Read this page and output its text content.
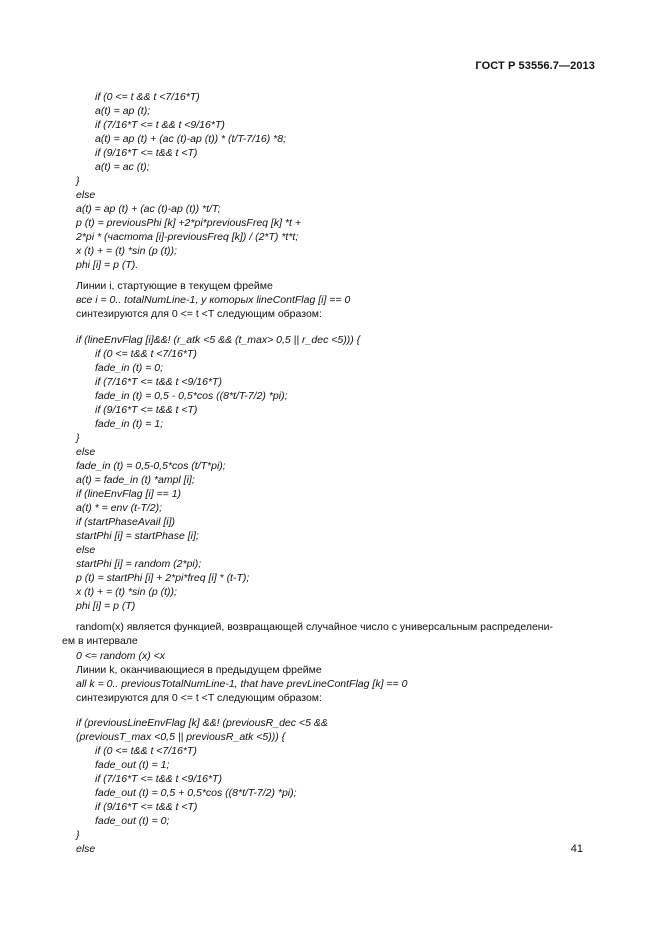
ГОСТ Р 53556.7—2013
if (0 <= t && t <7/16*T)
a(t) = ap (t);
if (7/16*T <= t && t <9/16*T)
a(t) = ap (t) + (ac (t)-ap (t)) * (t/T-7/16) *8;
if (9/16*T <= t&& t <T)
a(t) = ac (t);
}
else
a(t) = ap (t) + (ac (t)-ap (t)) *t/T;
p (t) = previousPhi [k] +2*pi*previousFreq [k] *t +
2*pi * (частота [i]-previousFreq [k]) / (2*T) *t*t;
x (t) + = (t) *sin (p (t));
phi [i] = p (T).
Линии i, стартующие в текущем фрейме
все i = 0.. totalNumLine-1, у которых lineContFlag [i] == 0
синтезируются для 0 <= t <T следующим образом:
if (lineEnvFlag [i]&&! (r_atk <5 && (t_max> 0,5 || r_dec <5))) {
if (0 <= t&& t <7/16*T)
fade_in (t) = 0;
if (7/16*T <= t&& t <9/16*T)
fade_in (t) = 0,5 - 0,5*cos ((8*t/T-7/2) *pi);
if (9/16*T <= t&& t <T)
fade_in (t) = 1;
}
else
fade_in (t) = 0,5-0,5*cos (t/T*pi);
a(t) = fade_in (t) *ampl [i];
if (lineEnvFlag [i] == 1)
a(t) * = env (t-T/2);
if (startPhaseAvail [i])
startPhi [i] = startPhase [i];
else
startPhi [i] = random (2*pi);
p (t) = startPhi [i] + 2*pi*freq [i] * (t-T);
x (t) + = (t) *sin (p (t));
phi [i] = p (T)
random(x) является функцией, возвращающей случайное число с универсальным распределени-
ем в интервале
0 <= random (x) <x
Линии k, оканчивающиеся в предыдущем фрейме
all k = 0.. previousTotalNumLine-1, that have prevLineContFlag [k] == 0
синтезируются для 0 <= t <T следующим образом:
if (previousLineEnvFlag [k] &&! (previousR_dec <5 &&
(previousT_max <0,5 || previousR_atk <5))) {
if (0 <= t&& t <7/16*T)
fade_out (t) = 1;
if (7/16*T <= t&& t <9/16*T)
fade_out (t) = 0,5 + 0,5*cos ((8*t/T-7/2) *pi);
if (9/16*T <= t&& t <T)
fade_out (t) = 0;
}
else	41
